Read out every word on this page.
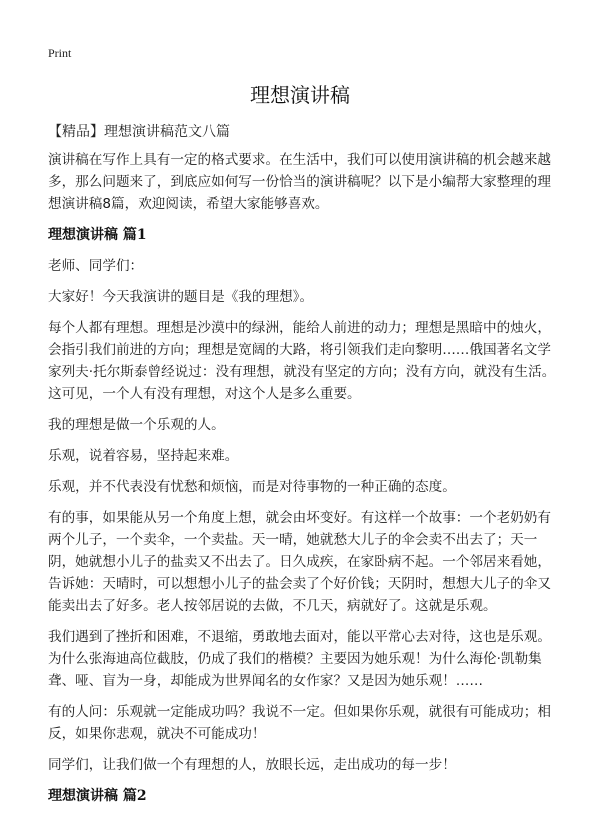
Print
理想演讲稿
【精品】理想演讲稿范文八篇

演讲稿在写作上具有一定的格式要求。在生活中，我们可以使用演讲稿的机会越来越多，那么问题来了，到底应如何写一份恰当的演讲稿呢？以下是小编帮大家整理的理想演讲稿8篇，欢迎阅读，希望大家能够喜欢。

理想演讲稿 篇1

老师、同学们：

大家好！今天我演讲的题目是《我的理想》。

每个人都有理想。理想是沙漠中的绿洲，能给人前进的动力；理想是黑暗中的烛火，会指引我们前进的方向；理想是宽阔的大路，将引领我们走向黎明……俄国著名文学家列夫·托尔斯泰曾经说过：没有理想，就没有坚定的方向；没有方向，就没有生活。这可见，一个人有没有理想，对这个人是多么重要。

我的理想是做一个乐观的人。

乐观，说着容易，坚持起来难。

乐观，并不代表没有忧愁和烦恼，而是对待事物的一种正确的态度。

有的事，如果能从另一个角度上想，就会由坏变好。有这样一个故事：一个老奶奶有两个儿子，一个卖伞，一个卖盐。天一晴，她就愁大儿子的伞会卖不出去了；天一阴，她就想小儿子的盐卖又不出去了。日久成疾，在家卧病不起。一个邻居来看她，告诉她：天晴时，可以想想小儿子的盐会卖了个好价钱；天阴时，想想大儿子的伞又能卖出去了好多。老人按邻居说的去做，不几天，病就好了。这就是乐观。

我们遇到了挫折和困难，不退缩，勇敢地去面对，能以平常心去对待，这也是乐观。为什么张海迪高位截肢，仍成了我们的楷模？主要因为她乐观！为什么海伦·凯勒集聋、哑、盲为一身，却能成为世界闻名的女作家？又是因为她乐观！……

有的人问：乐观就一定能成功吗？我说不一定。但如果你乐观，就很有可能成功；相反，如果你悲观，就决不可能成功！

同学们，让我们做一个有理想的人，放眼长远，走出成功的每一步！

理想演讲稿 篇2
